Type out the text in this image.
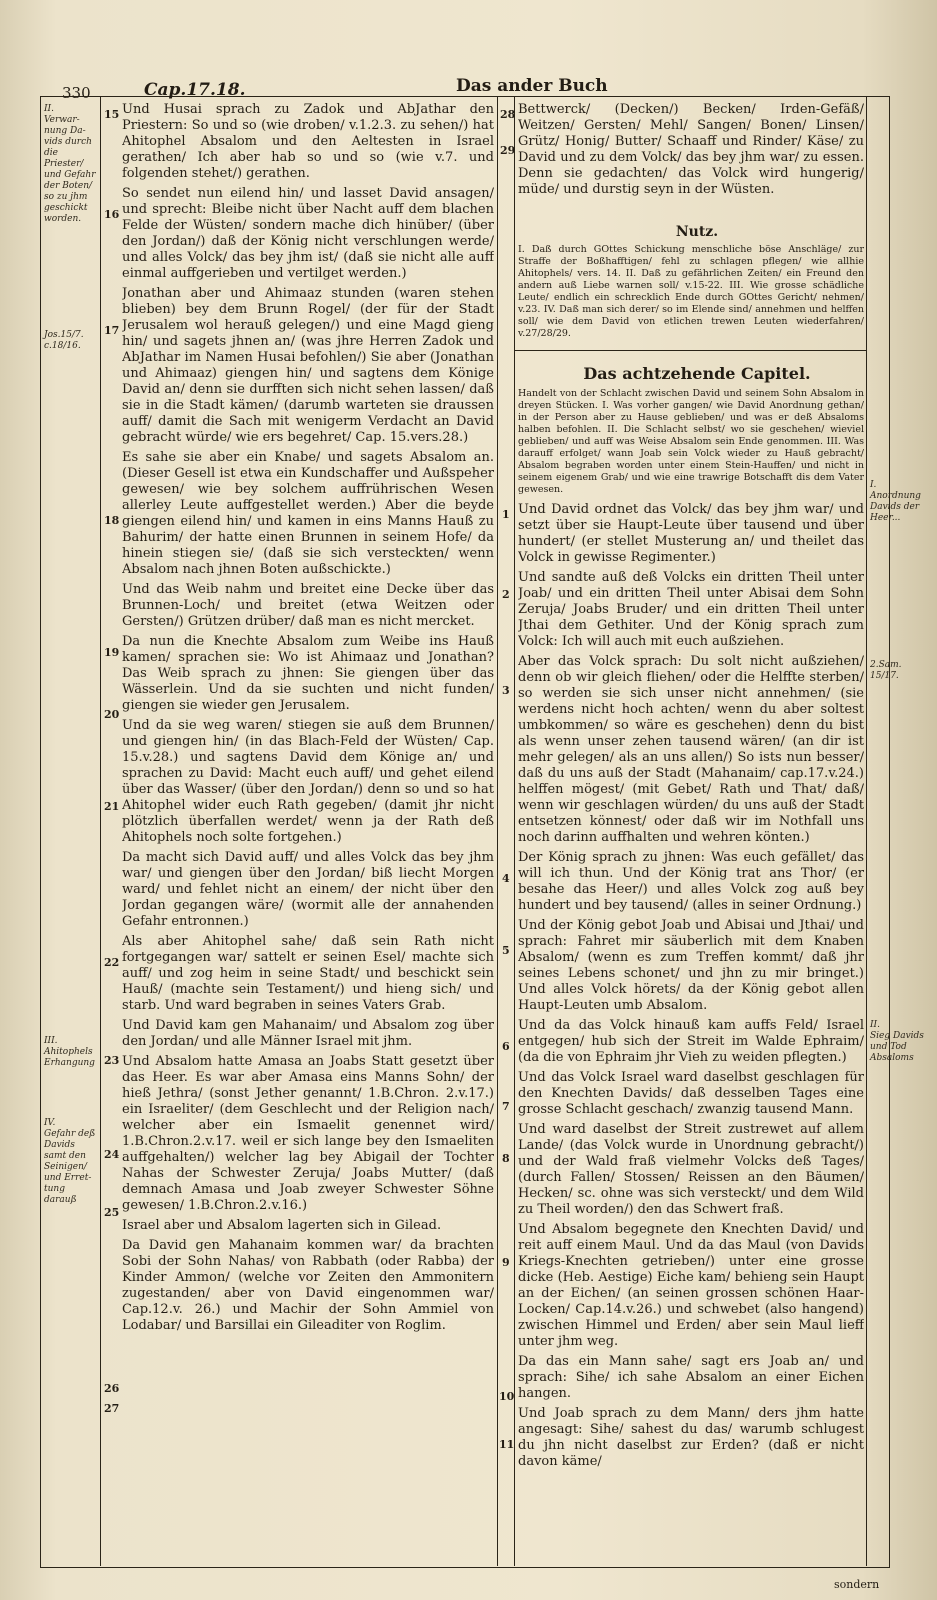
330	Cap.17.18.	Das ander Buch
II.
Verwar-
nung Da-
vids durch
die Priester/
und Gefahr
der Boten/
so zu jhm
geschickt
worden.
Jos.15/7.
c.18/16.
III.
Ahitophels
Erhangung
IV.
Gefahr deß
Davids
samt den
Seinigen/
und Erret-
tung darauß
I.
Anordnung
Davids der
Heer...
2.Sam.
15/17.
II.
Sieg Davids
und Tod
Absaloms
15
16
17
18
19
20
21
22
23
24
25
26
27
28
29
1
2
3
4
5
6
7
8
9
10
11

Und Husai sprach zu Zadok und AbJathar den Priestern: So und so (wie droben/ v.1.2.3. zu sehen/) hat Ahitophel Absalom und den Aeltesten in Israel gerathen/ Ich aber hab so und so (wie v.7. und folgenden stehet/) gerathen.

So sendet nun eilend hin/ und lasset David ansagen/ und sprecht: Bleibe nicht über Nacht auff dem blachen Felde der Wüsten/ sondern mache dich hinüber/ (über den Jordan/) daß der König nicht verschlungen werde/ und alles Volck/ das bey jhm ist/ (daß sie nicht alle auff einmal auffgerieben und vertilget werden.)

Jonathan aber und Ahimaaz stunden (waren stehen blieben) bey dem Brunn Rogel/ (der für der Stadt Jerusalem wol herauß gelegen/) und eine Magd gieng hin/ und sagets jhnen an/ (was jhre Herren Zadok und AbJathar im Namen Husai befohlen/) Sie aber (Jonathan und Ahimaaz) giengen hin/ und sagtens dem Könige David an/ denn sie durfften sich nicht sehen lassen/ daß sie in die Stadt kämen/ (darumb warteten sie draussen auff/ damit die Sach mit wenigerm Verdacht an David gebracht würde/ wie ers begehret/ Cap. 15.vers.28.)

Es sahe sie aber ein Knabe/ und sagets Absalom an. (Dieser Gesell ist etwa ein Kundschaffer und Außspeher gewesen/ wie bey solchem auffrührischen Wesen allerley Leute auffgestellet werden.) Aber die beyde giengen eilend hin/ und kamen in eins Manns Hauß zu Bahurim/ der hatte einen Brunnen in seinem Hofe/ da hinein stiegen sie/ (daß sie sich versteckten/ wenn Absalom nach jhnen Boten außschickte.)

Und das Weib nahm und breitet eine Decke über das Brunnen-Loch/ und breitet (etwa Weitzen oder Gersten/) Grützen drüber/ daß man es nicht mercket.

Da nun die Knechte Absalom zum Weibe ins Hauß kamen/ sprachen sie: Wo ist Ahimaaz und Jonathan? Das Weib sprach zu jhnen: Sie giengen über das Wässerlein. Und da sie suchten und nicht funden/ giengen sie wieder gen Jerusalem.

Und da sie weg waren/ stiegen sie auß dem Brunnen/ und giengen hin/ (in das Blach-Feld der Wüsten/ Cap. 15.v.28.) und sagtens David dem Könige an/ und sprachen zu David: Macht euch auff/ und gehet eilend über das Wasser/ (über den Jordan/) denn so und so hat Ahitophel wider euch Rath gegeben/ (damit jhr nicht plötzlich überfallen werdet/ wenn ja der Rath deß Ahitophels noch solte fortgehen.)

Da macht sich David auff/ und alles Volck das bey jhm war/ und giengen über den Jordan/ biß liecht Morgen ward/ und fehlet nicht an einem/ der nicht über den Jordan gegangen wäre/ (wormit alle der annahenden Gefahr entronnen.)

Als aber Ahitophel sahe/ daß sein Rath nicht fortgegangen war/ sattelt er seinen Esel/ machte sich auff/ und zog heim in seine Stadt/ und beschickt sein Hauß/ (machte sein Testament/) und hieng sich/ und starb. Und ward begraben in seines Vaters Grab.

Und David kam gen Mahanaim/ und Absalom zog über den Jordan/ und alle Männer Israel mit jhm.

Und Absalom hatte Amasa an Joabs Statt gesetzt über das Heer. Es war aber Amasa eins Manns Sohn/ der hieß Jethra/ (sonst Jether genannt/ 1.B.Chron. 2.v.17.) ein Israeliter/ (dem Geschlecht und der Religion nach/ welcher aber ein Ismaelit genennet wird/ 1.B.Chron.2.v.17. weil er sich lange bey den Ismaeliten auffgehalten/) welcher lag bey Abigail der Tochter Nahas der Schwester Zeruja/ Joabs Mutter/ (daß demnach Amasa und Joab zweyer Schwester Söhne gewesen/ 1.B.Chron.2.v.16.)

Israel aber und Absalom lagerten sich in Gilead.

Da David gen Mahanaim kommen war/ da brachten Sobi der Sohn Nahas/ von Rabbath (oder Rabba) der Kinder Ammon/ (welche vor Zeiten den Ammonitern zugestanden/ aber von David eingenommen war/ Cap.12.v. 26.) und Machir der Sohn Ammiel von Lodabar/ und Barsillai ein Gileaditer von Roglim.

Bettwerck/ (Decken/) Becken/ Irden-Gefäß/ Weitzen/ Gersten/ Mehl/ Sangen/ Bonen/ Linsen/ Grütz/ Honig/ Butter/ Schaaff und Rinder/ Käse/ zu David und zu dem Volck/ das bey jhm war/ zu essen. Denn sie gedachten/ das Volck wird hungerig/ müde/ und durstig seyn in der Wüsten.

Nutz.
I. Daß durch GOttes Schickung menschliche böse Anschläge/ zur Straffe der Boßhafftigen/ fehl zu schlagen pflegen/ wie allhie Ahitophels/ vers. 14. II. Daß zu gefährlichen Zeiten/ ein Freund den andern auß Liebe warnen soll/ v.15-22. III. Wie grosse schädliche Leute/ endlich ein schrecklich Ende durch GOttes Gericht/ nehmen/ v.23. IV. Daß man sich derer/ so im Elende sind/ annehmen und helffen soll/ wie dem David von etlichen trewen Leuten wiederfahren/ v.27/28/29.
Das achtzehende Capitel.
Handelt von der Schlacht zwischen David und seinem Sohn Absalom in dreyen Stücken. I. Was vorher gangen/ wie David Anordnung gethan/ in der Person aber zu Hause geblieben/ und was er deß Absaloms halben befohlen. II. Die Schlacht selbst/ wo sie geschehen/ wieviel geblieben/ und auff was Weise Absalom sein Ende genommen. III. Was darauff erfolget/ wann Joab sein Volck wieder zu Hauß gebracht/ Absalom begraben worden unter einem Stein-Hauffen/ und nicht in seinem eigenem Grab/ und wie eine trawrige Botschafft dis dem Vater gewesen.

Und David ordnet das Volck/ das bey jhm war/ und setzt über sie Haupt-Leute über tausend und über hundert/ (er stellet Musterung an/ und theilet das Volck in gewisse Regimenter.)

Und sandte auß deß Volcks ein dritten Theil unter Joab/ und ein dritten Theil unter Abisai dem Sohn Zeruja/ Joabs Bruder/ und ein dritten Theil unter Jthai dem Gethiter. Und der König sprach zum Volck: Ich will auch mit euch außziehen.

Aber das Volck sprach: Du solt nicht außziehen/ denn ob wir gleich fliehen/ oder die Helffte sterben/ so werden sie sich unser nicht annehmen/ (sie werdens nicht hoch achten/ wenn du aber soltest umbkommen/ so wäre es geschehen) denn du bist als wenn unser zehen tausend wären/ (an dir ist mehr gelegen/ als an uns allen/) So ists nun besser/ daß du uns auß der Stadt (Mahanaim/ cap.17.v.24.) helffen mögest/ (mit Gebet/ Rath und That/ daß/ wenn wir geschlagen würden/ du uns auß der Stadt entsetzen könnest/ oder daß wir im Nothfall uns noch darinn auffhalten und wehren könten.)

Der König sprach zu jhnen: Was euch gefället/ das will ich thun. Und der König trat ans Thor/ (er besahe das Heer/) und alles Volck zog auß bey hundert und bey tausend/ (alles in seiner Ordnung.)

Und der König gebot Joab und Abisai und Jthai/ und sprach: Fahret mir säuberlich mit dem Knaben Absalom/ (wenn es zum Treffen kommt/ daß jhr seines Lebens schonet/ und jhn zu mir bringet.) Und alles Volck hörets/ da der König gebot allen Haupt-Leuten umb Absalom.

Und da das Volck hinauß kam auffs Feld/ Israel entgegen/ hub sich der Streit im Walde Ephraim/ (da die von Ephraim jhr Vieh zu weiden pflegten.)

Und das Volck Israel ward daselbst geschlagen für den Knechten Davids/ daß desselben Tages eine grosse Schlacht geschach/ zwanzig tausend Mann.

Und ward daselbst der Streit zustrewet auf allem Lande/ (das Volck wurde in Unordnung gebracht/) und der Wald fraß vielmehr Volcks deß Tages/ (durch Fallen/ Stossen/ Reissen an den Bäumen/ Hecken/ sc. ohne was sich versteckt/ und dem Wild zu Theil worden/) den das Schwert fraß.

Und Absalom begegnete den Knechten David/ und reit auff einem Maul. Und da das Maul (von Davids Kriegs-Knechten getrieben/) unter eine grosse dicke (Heb. Aestige) Eiche kam/ behieng sein Haupt an der Eichen/ (an seinen grossen schönen Haar-Locken/ Cap.14.v.26.) und schwebet (also hangend) zwischen Himmel und Erden/ aber sein Maul lieff unter jhm weg.

Da das ein Mann sahe/ sagt ers Joab an/ und sprach: Sihe/ ich sahe Absalom an einer Eichen hangen.

Und Joab sprach zu dem Mann/ ders jhm hatte angesagt: Sihe/ sahest du das/ warumb schlugest du jhn nicht daselbst zur Erden? (daß er nicht davon käme/

sondern
